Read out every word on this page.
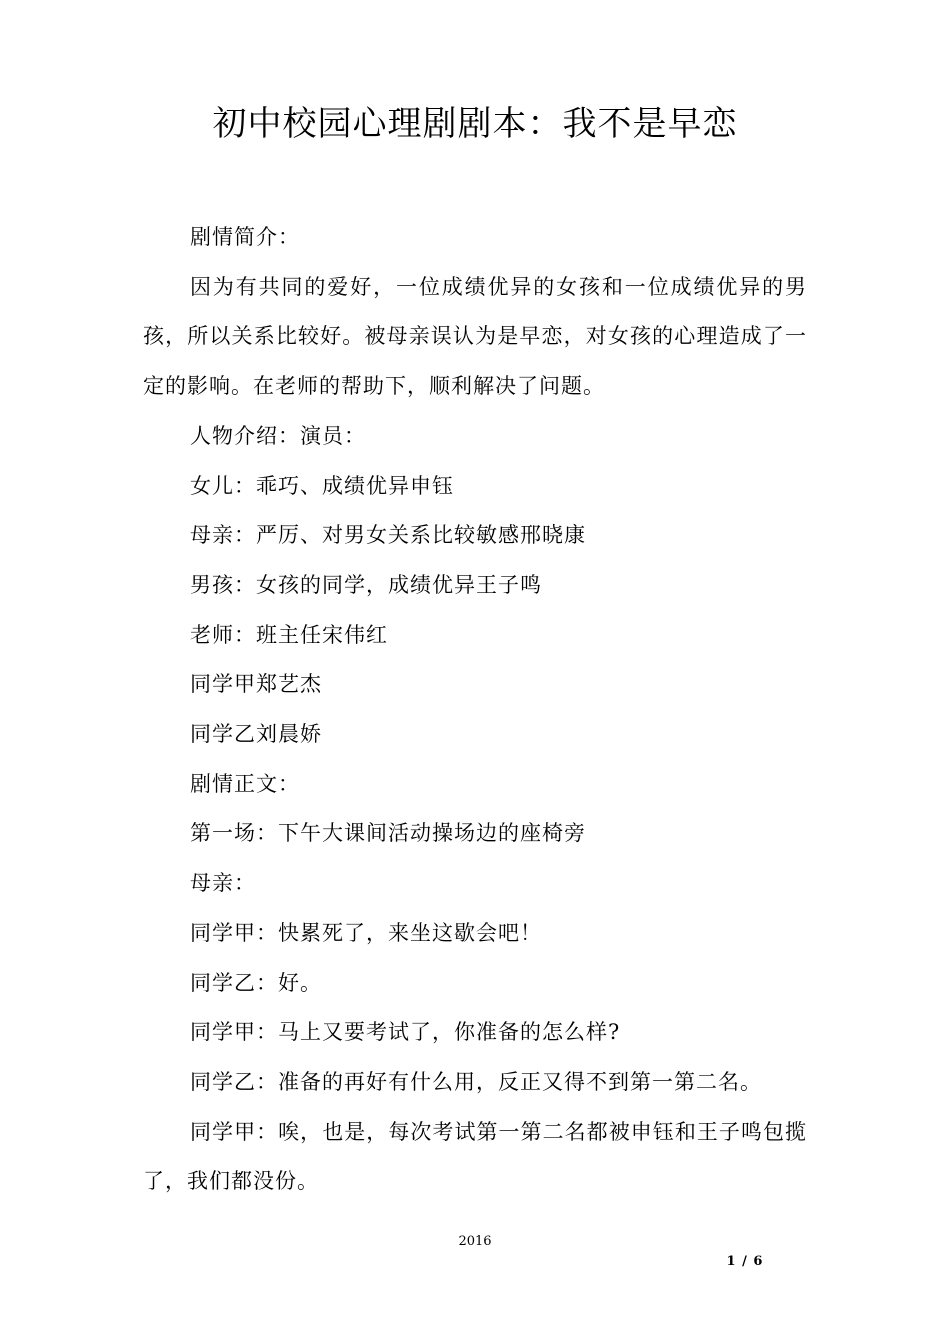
初中校园心理剧剧本：我不是早恋

剧情简介：

因为有共同的爱好，一位成绩优异的女孩和一位成绩优异的男孩，所以关系比较好。被母亲误认为是早恋，对女孩的心理造成了一定的影响。在老师的帮助下，顺利解决了问题。

人物介绍：演员：

女儿：乖巧、成绩优异申钰

母亲：严厉、对男女关系比较敏感邢晓康

男孩：女孩的同学，成绩优异王子鸣

老师：班主任宋伟红

同学甲郑艺杰

同学乙刘晨娇

剧情正文：

第一场：下午大课间活动操场边的座椅旁

母亲：

同学甲：快累死了，来坐这歇会吧！

同学乙：好。

同学甲：马上又要考试了，你准备的怎么样?

同学乙：准备的再好有什么用，反正又得不到第一第二名。

同学甲：唉，也是，每次考试第一第二名都被申钰和王子鸣包揽了，我们都没份。

2016
1 / 6
